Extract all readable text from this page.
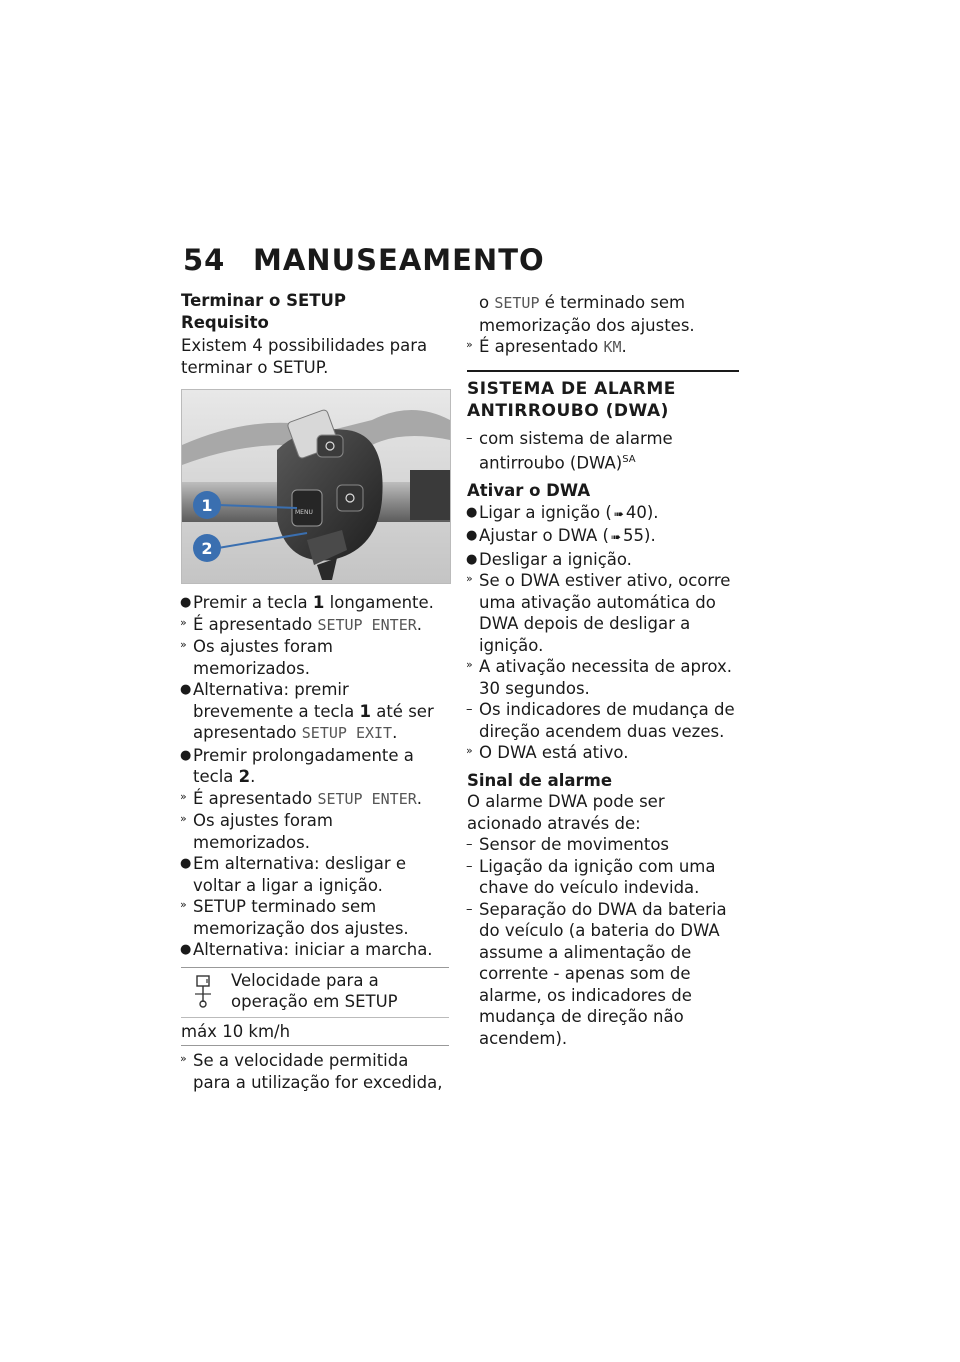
54 MANUSEAMENTO
Terminar o SETUP
Requisito

Existem 4 possibilidades para terminar o SETUP.

MENU
1
2
● Premir a tecla 1 longamente.
» É apresentado SETUP ENTER.
» Os ajustes foram memorizados.
● Alternativa: premir brevemente a tecla 1 até ser apresentado SETUP EXIT.
● Premir prolongadamente a tecla 2.
» É apresentado SETUP ENTER.
» Os ajustes foram memorizados.
● Em alternativa: desligar e voltar a ligar a ignição.
» SETUP terminado sem memorização dos ajustes.
● Alternativa: iniciar a marcha.
Velocidade para a operação em SETUP
máx 10 km/h
» Se a velocidade permitida para a utilização for excedida,
o SETUP é terminado sem memorização dos ajustes.
» É apresentado KM.
SISTEMA DE ALARME ANTIRROUBO (DWA)
– com sistema de alarme antirroubo (DWA)$^{SA}$
Ativar o DWA
● Ligar a ignição ( ➠ 40).
● Ajustar o DWA ( ➠ 55).
● Desligar a ignição.
» Se o DWA estiver ativo, ocorre uma ativação automática do DWA depois de desligar a ignição.
» A ativação necessita de aprox. 30 segundos.
– Os indicadores de mudança de direção acendem duas vezes.
» O DWA está ativo.
Sinal de alarme

O alarme DWA pode ser acionado através de:

– Sensor de movimentos
– Ligação da ignição com uma chave do veículo indevida.
– Separação do DWA da bateria do veículo (a bateria do DWA assume a alimentação de corrente - apenas som de alarme, os indicadores de mudança de direção não acendem).
